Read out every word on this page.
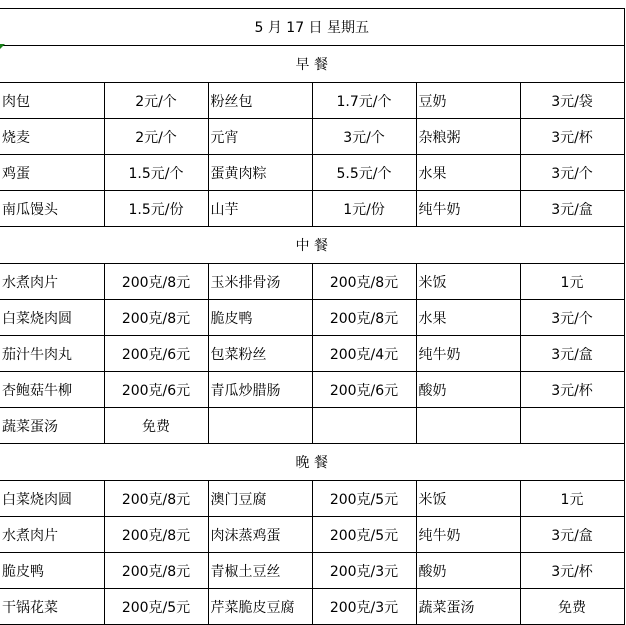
5 月 17 日 星期五					
早 餐					
肉包	2元/个	粉丝包	1.7元/个	豆奶	3元/袋
烧麦	2元/个	元宵	3元/个	杂粮粥	3元/杯
鸡蛋	1.5元/个	蛋黄肉粽	5.5元/个	水果	3元/个
南瓜馒头	1.5元/份	山芋	1元/份	纯牛奶	3元/盒
中 餐					
水煮肉片	200克/8元	玉米排骨汤	200克/8元	米饭	1元
白菜烧肉圆	200克/8元	脆皮鸭	200克/8元	水果	3元/个
茄汁牛肉丸	200克/6元	包菜粉丝	200克/4元	纯牛奶	3元/盒
杏鲍菇牛柳	200克/6元	青瓜炒腊肠	200克/6元	酸奶	3元/杯
蔬菜蛋汤	免费				
晚 餐					
白菜烧肉圆	200克/8元	澳门豆腐	200克/5元	米饭	1元
水煮肉片	200克/8元	肉沫蒸鸡蛋	200克/5元	纯牛奶	3元/盒
脆皮鸭	200克/8元	青椒土豆丝	200克/3元	酸奶	3元/杯
干锅花菜	200克/5元	芹菜脆皮豆腐	200克/3元	蔬菜蛋汤	免费
